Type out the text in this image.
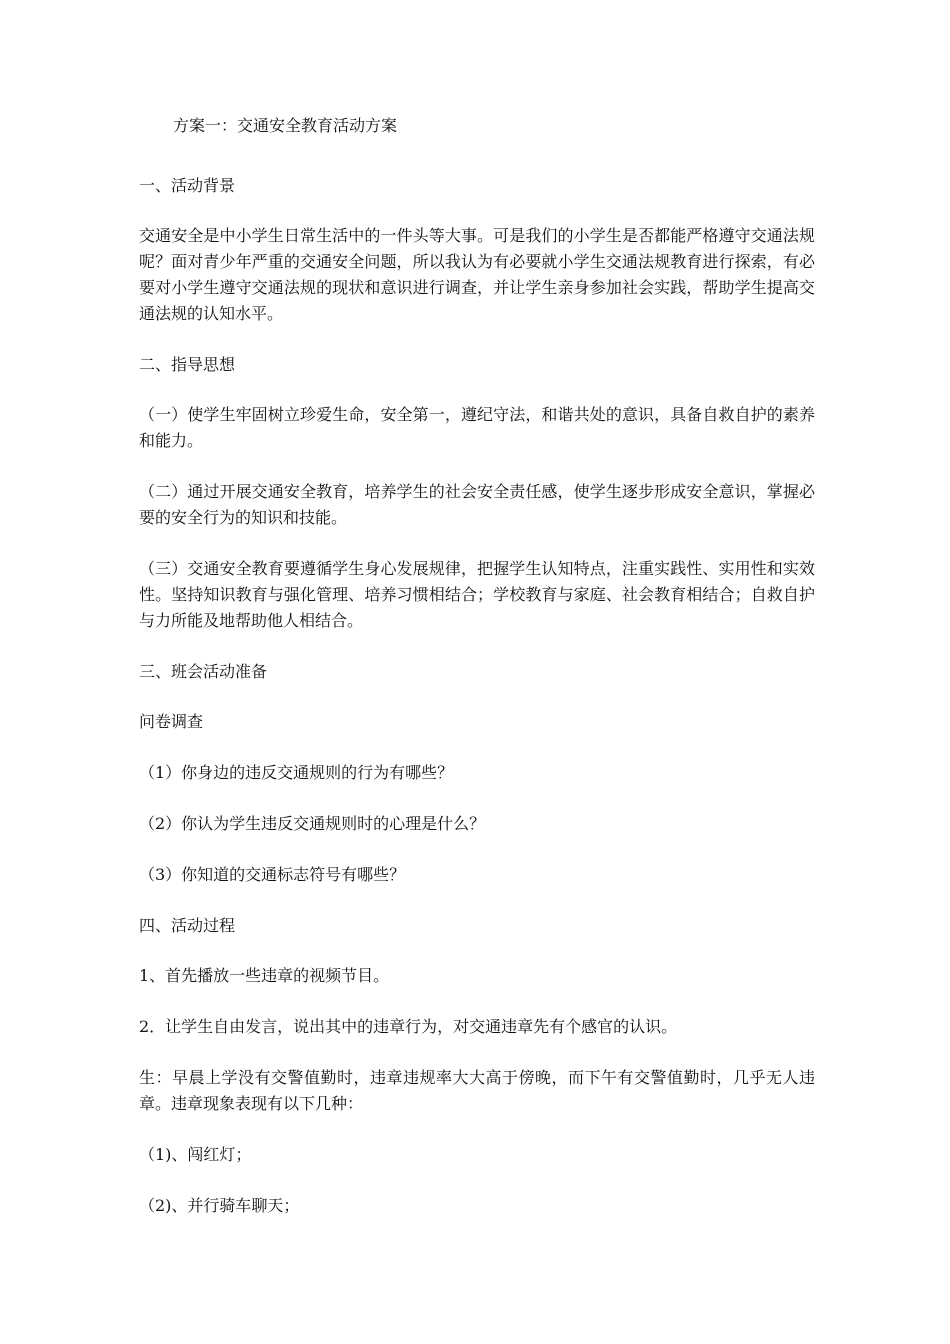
方案一：交通安全教育活动方案

一、活动背景

交通安全是中小学生日常生活中的一件头等大事。可是我们的小学生是否都能严格遵守交通法规呢？面对青少年严重的交通安全问题，所以我认为有必要就小学生交通法规教育进行探索，有必要对小学生遵守交通法规的现状和意识进行调查，并让学生亲身参加社会实践，帮助学生提高交通法规的认知水平。

二、指导思想

（一）使学生牢固树立珍爱生命，安全第一，遵纪守法，和谐共处的意识，具备自救自护的素养和能力。

（二）通过开展交通安全教育，培养学生的社会安全责任感，使学生逐步形成安全意识，掌握必要的安全行为的知识和技能。

（三）交通安全教育要遵循学生身心发展规律，把握学生认知特点，注重实践性、实用性和实效性。坚持知识教育与强化管理、培养习惯相结合；学校教育与家庭、社会教育相结合；自救自护与力所能及地帮助他人相结合。

三、班会活动准备

问卷调查

（1）你身边的违反交通规则的行为有哪些？

（2）你认为学生违反交通规则时的心理是什么？

（3）你知道的交通标志符号有哪些？

四、活动过程

1、首先播放一些违章的视频节目。

2．让学生自由发言，说出其中的违章行为，对交通违章先有个感官的认识。

生：早晨上学没有交警值勤时，违章违规率大大高于傍晚，而下午有交警值勤时，几乎无人违章。违章现象表现有以下几种：

（1)、闯红灯；

（2)、并行骑车聊天；
